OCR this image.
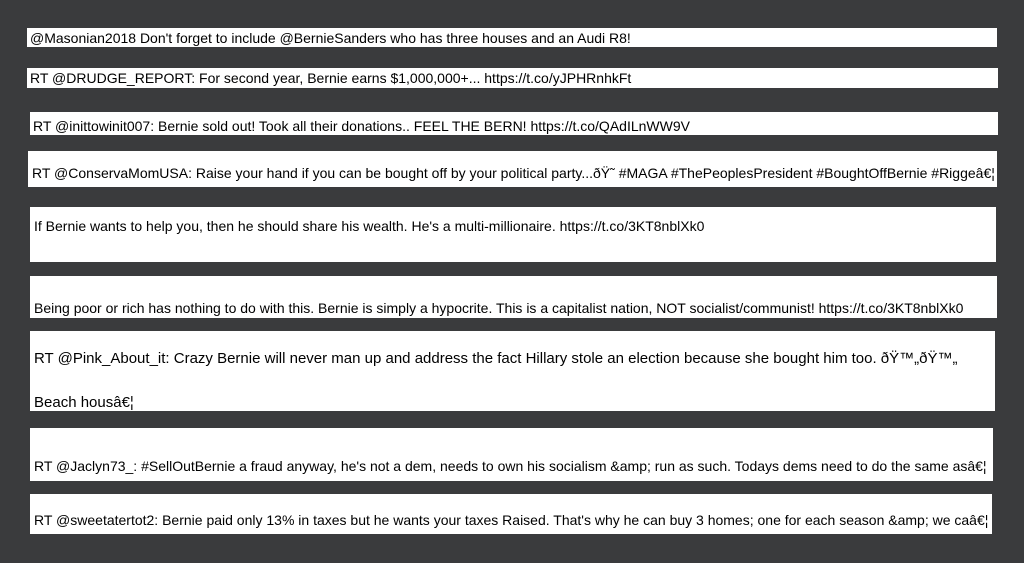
@Masonian2018 Don't forget to include @BernieSanders who has three houses and an Audi R8!
RT @DRUDGE_REPORT: For second year, Bernie earns $1,000,000+... https://t.co/yJPHRnhkFt
RT @inittowinit007: Bernie sold out! Took all their donations.. FEEL THE BERN! https://t.co/QAdILnWW9V
RT @ConservaMomUSA: Raise your hand if you can be bought off by your political party...ðŸ˜ #MAGA #ThePeoplesPresident #BoughtOffBernie #Riggeâ€¦
If Bernie wants to help you, then he should share his wealth. He's a multi-millionaire. https://t.co/3KT8nblXk0
Being poor or rich has nothing to do with this. Bernie is simply a hypocrite. This is a capitalist nation, NOT socialist/communist! https://t.co/3KT8nblXk0
RT @Pink_About_it: Crazy Bernie will never man up and address the fact Hillary stole an election because she bought him too. ðŸ™„ðŸ™„
Beach housâ€¦
RT @Jaclyn73_: #SellOutBernie a fraud anyway, he's not a dem, needs to own his socialism &amp; run as such. Todays dems need to do the same asâ€¦
RT @sweetatertot2: Bernie paid only 13% in taxes but he wants your taxes Raised. That's why he can buy 3 homes; one for each season &amp; we caâ€¦
